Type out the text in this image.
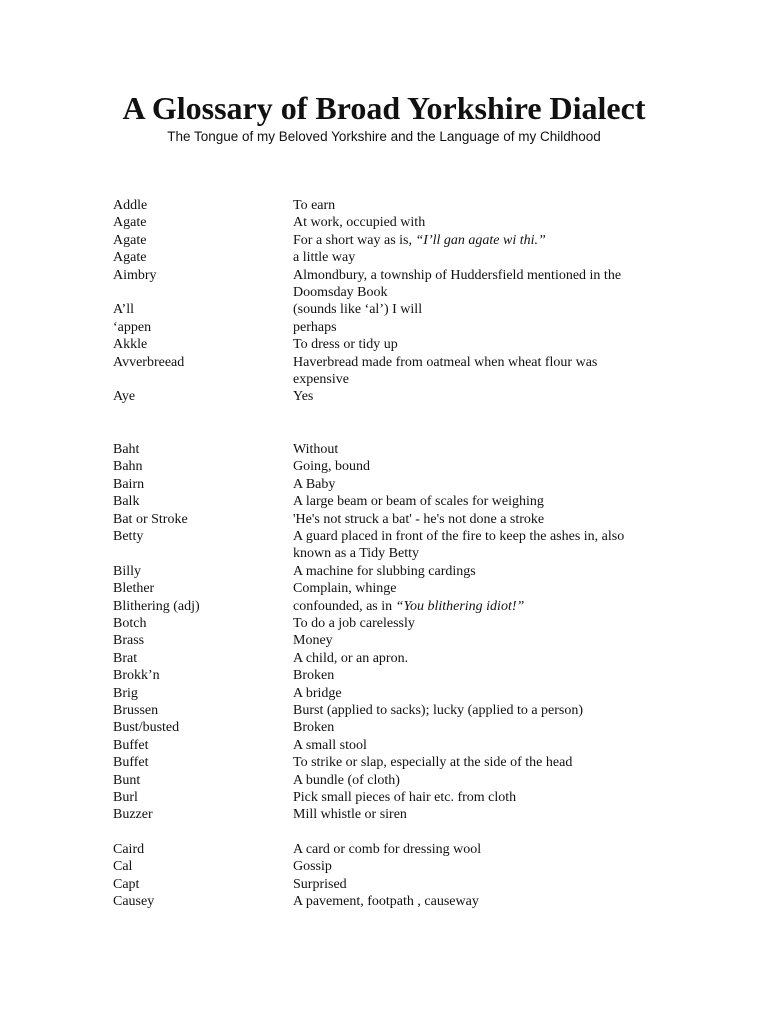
A Glossary of Broad Yorkshire Dialect
The Tongue of my Beloved Yorkshire and the Language of my Childhood
Addle	To earn
Agate	At work, occupied with
Agate	For a short way as is, “I’ll gan agate wi thi.”
Agate	a little way
Aimbry	Almondbury, a township of Huddersfield mentioned in the Doomsday Book
A’ll	(sounds like ‘al’) I will
‘appen	perhaps
Akkle	To dress or tidy up
Avverbreead	Haverbread made from oatmeal when wheat flour was expensive
Aye	Yes
Baht	Without
Bahn	Going, bound
Bairn	A Baby
Balk	A large beam or beam of scales for weighing
Bat or Stroke	'He's not struck a bat' - he's not done a stroke
Betty	A guard placed in front of the fire to keep the ashes in, also known as a Tidy Betty
Billy	A machine for slubbing cardings
Blether	Complain, whinge
Blithering (adj)	confounded, as in “You blithering idiot!”
Botch	To do a job carelessly
Brass	Money
Brat	A child, or an apron.
Brokk’n	Broken
Brig	A bridge
Brussen	Burst (applied to sacks); lucky (applied to a person)
Bust/busted	Broken
Buffet	A small stool
Buffet	To strike or slap, especially at the side of the head
Bunt	A bundle (of cloth)
Burl	Pick small pieces of hair etc. from cloth
Buzzer	Mill whistle or siren
Caird	A card or comb for dressing wool
Cal	Gossip
Capt	Surprised
Causey	A pavement, footpath , causeway
